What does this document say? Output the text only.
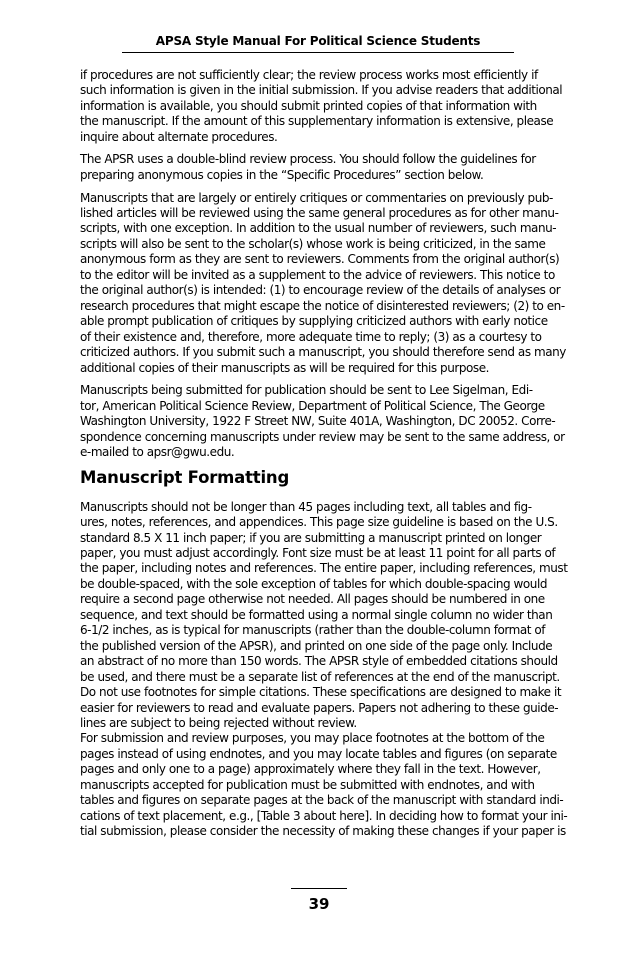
APSA Style Manual For Political Science Students

if procedures are not sufficiently clear; the review process works most efficiently if
such information is given in the initial submission. If you advise readers that additional
information is available, you should submit printed copies of that information with
the manuscript. If the amount of this supplementary information is extensive, please
inquire about alternate procedures.

The APSR uses a double-blind review process. You should follow the guidelines for
preparing anonymous copies in the “Specific Procedures” section below.

Manuscripts that are largely or entirely critiques or commentaries on previously pub-
lished articles will be reviewed using the same general procedures as for other manu-
scripts, with one exception. In addition to the usual number of reviewers, such manu-
scripts will also be sent to the scholar(s) whose work is being criticized, in the same
anonymous form as they are sent to reviewers. Comments from the original author(s)
to the editor will be invited as a supplement to the advice of reviewers. This notice to
the original author(s) is intended: (1) to encourage review of the details of analyses or
research procedures that might escape the notice of disinterested reviewers; (2) to en-
able prompt publication of critiques by supplying criticized authors with early notice
of their existence and, therefore, more adequate time to reply; (3) as a courtesy to
criticized authors. If you submit such a manuscript, you should therefore send as many
additional copies of their manuscripts as will be required for this purpose.

Manuscripts being submitted for publication should be sent to Lee Sigelman, Edi-
tor, American Political Science Review, Department of Political Science, The George
Washington University, 1922 F Street NW, Suite 401A, Washington, DC 20052. Corre-
spondence concerning manuscripts under review may be sent to the same address, or
e-mailed to apsr@gwu.edu.

Manuscript Formatting

Manuscripts should not be longer than 45 pages including text, all tables and fig-
ures, notes, references, and appendices. This page size guideline is based on the U.S.
standard 8.5 X 11 inch paper; if you are submitting a manuscript printed on longer
paper, you must adjust accordingly. Font size must be at least 11 point for all parts of
the paper, including notes and references. The entire paper, including references, must
be double-spaced, with the sole exception of tables for which double-spacing would
require a second page otherwise not needed. All pages should be numbered in one
sequence, and text should be formatted using a normal single column no wider than
6-1/2 inches, as is typical for manuscripts (rather than the double-column format of
the published version of the APSR), and printed on one side of the page only. Include
an abstract of no more than 150 words. The APSR style of embedded citations should
be used, and there must be a separate list of references at the end of the manuscript.
Do not use footnotes for simple citations. These specifications are designed to make it
easier for reviewers to read and evaluate papers. Papers not adhering to these guide-
lines are subject to being rejected without review.
For submission and review purposes, you may place footnotes at the bottom of the
pages instead of using endnotes, and you may locate tables and figures (on separate
pages and only one to a page) approximately where they fall in the text. However,
manuscripts accepted for publication must be submitted with endnotes, and with
tables and figures on separate pages at the back of the manuscript with standard indi-
cations of text placement, e.g., [Table 3 about here]. In deciding how to format your ini-
tial submission, please consider the necessity of making these changes if your paper is

39
